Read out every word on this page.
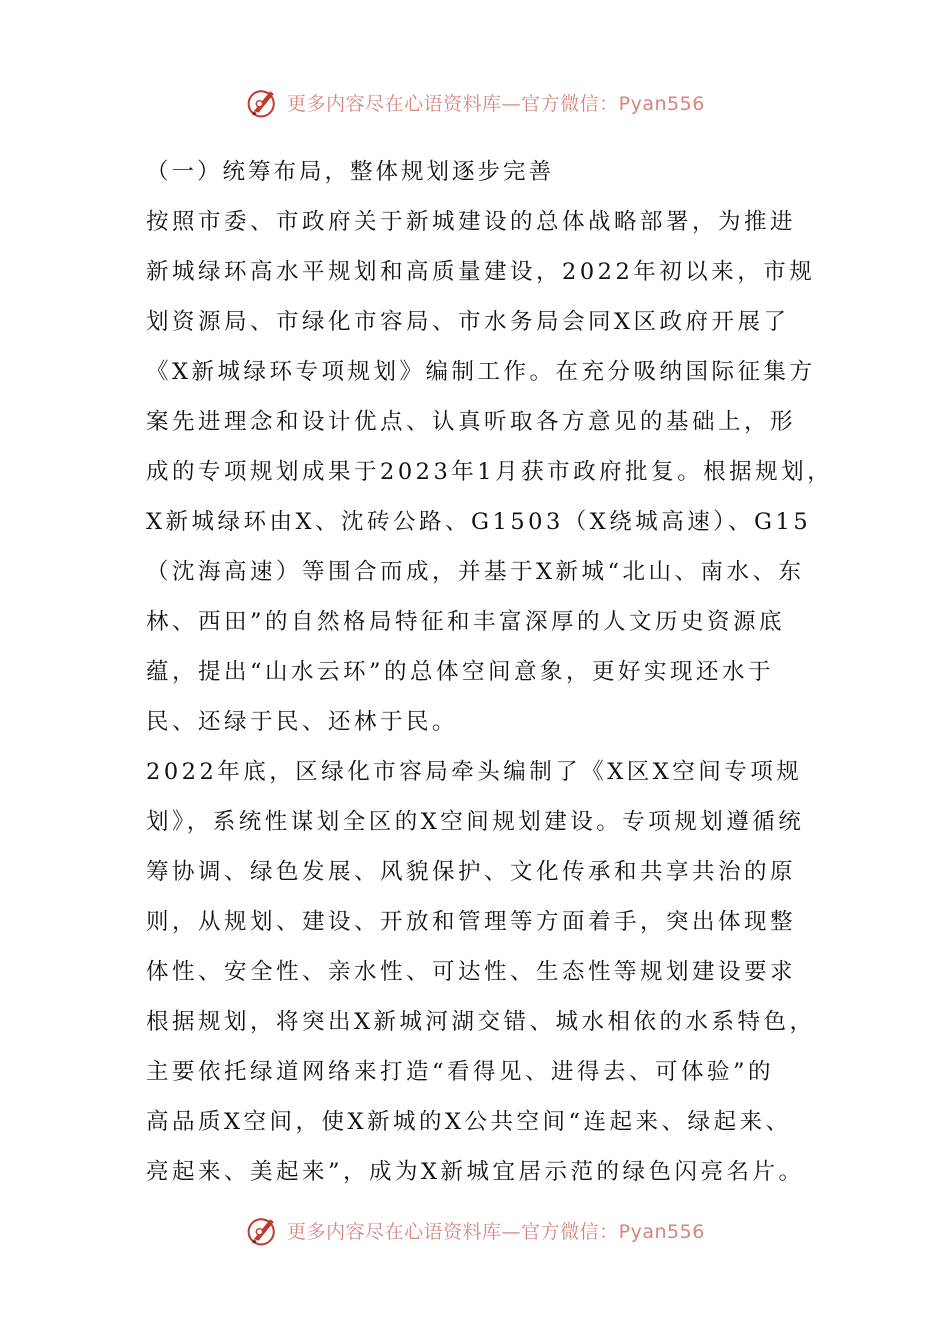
更多内容尽在心语资料库—官方微信：Pyan556
（一）统筹布局，整体规划逐步完善
按照市委、市政府关于新城建设的总体战略部署，为推进
新城绿环高水平规划和高质量建设，2022年初以来，市规
划资源局、市绿化市容局、市水务局会同X区政府开展了
《X新城绿环专项规划》编制工作。在充分吸纳国际征集方
案先进理念和设计优点、认真听取各方意见的基础上，形
成的专项规划成果于2023年1月获市政府批复。根据规划，
X新城绿环由X、沈砖公路、G1503（X绕城高速）、G15
（沈海高速）等围合而成，并基于X新城“北山、南水、东
林、西田”的自然格局特征和丰富深厚的人文历史资源底
蕴，提出“山水云环”的总体空间意象，更好实现还水于
民、还绿于民、还林于民。
2022年底，区绿化市容局牵头编制了《X区X空间专项规
划》，系统性谋划全区的X空间规划建设。专项规划遵循统
筹协调、绿色发展、风貌保护、文化传承和共享共治的原
则，从规划、建设、开放和管理等方面着手，突出体现整
体性、安全性、亲水性、可达性、生态性等规划建设要求
根据规划，将突出X新城河湖交错、城水相依的水系特色，
主要依托绿道网络来打造“看得见、进得去、可体验”的
高品质X空间，使X新城的X公共空间“连起来、绿起来、
亮起来、美起来”，成为X新城宜居示范的绿色闪亮名片。
更多内容尽在心语资料库—官方微信：Pyan556
